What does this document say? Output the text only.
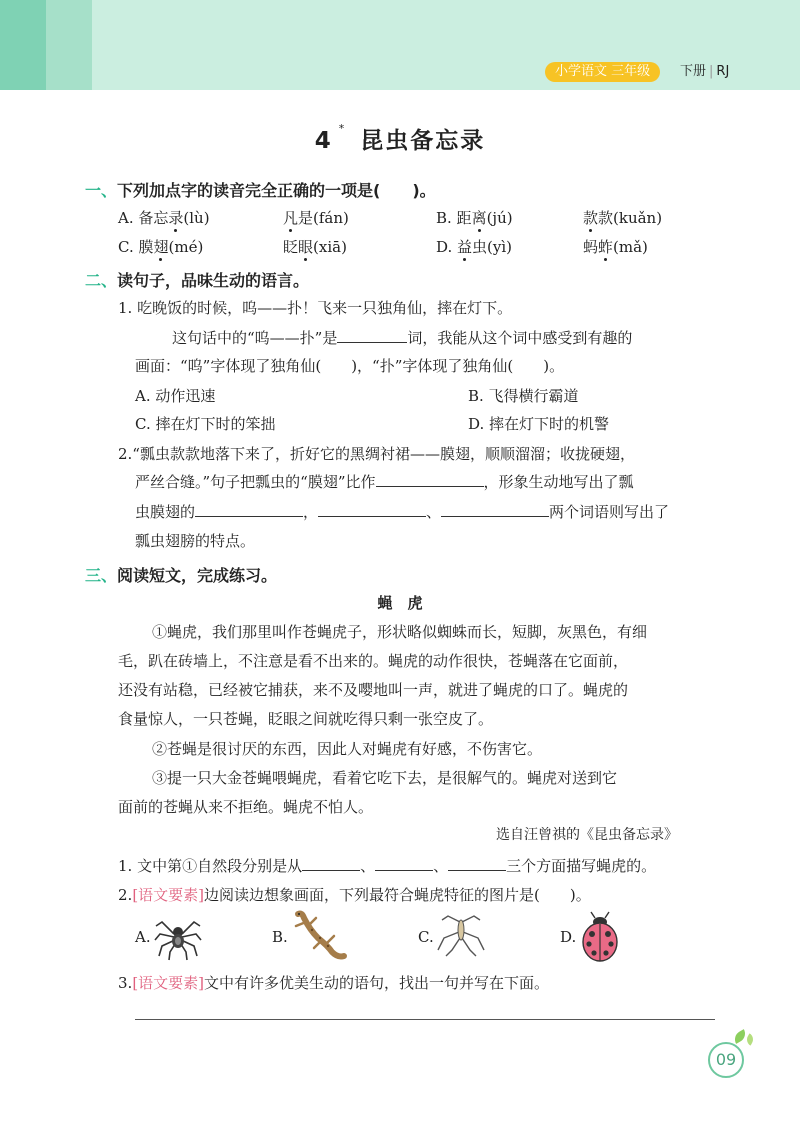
小学语文 三年级	下册 | RJ
4 * 昆虫备忘录
一、下列加点字的读音完全正确的一项是(　　)。
A. 备忘录(lù)	凡是(fán)	B. 距离(jú)	款款(kuǎn)
C. 膜翅(mé)	眨眼(xiā)	D. 益虫(yì)	蚂蚱(mǎ)
二、读句子，品味生动的语言。
1. 吃晚饭的时候，呜——扑！飞来一只独角仙，摔在灯下。
这句话中的“呜——扑”是	词，我能从这个词中感受到有趣的
画面：“呜”字体现了独角仙(　　)，“扑”字体现了独角仙(　　)。
A. 动作迅速	B. 飞得横行霸道
C. 摔在灯下时的笨拙	D. 摔在灯下时的机警
2.“瓢虫款款地落下来了，折好它的黑绸衬裙——膜翅，顺顺溜溜；收拢硬翅，
严丝合缝。”句子把瓢虫的“膜翅”比作	，形象生动地写出了瓢
虫膜翅的	，	、	两个词语则写出了
瓢虫翅膀的特点。
三、阅读短文，完成练习。
蝇　虎
①蝇虎，我们那里叫作苍蝇虎子，形状略似蜘蛛而长，短脚，灰黑色，有细
毛，趴在砖墙上，不注意是看不出来的。蝇虎的动作很快，苍蝇落在它面前，
还没有站稳，已经被它捕获，来不及嘤地叫一声，就进了蝇虎的口了。蝇虎的
食量惊人，一只苍蝇，眨眼之间就吃得只剩一张空皮了。
②苍蝇是很讨厌的东西，因此人对蝇虎有好感，不伤害它。
③提一只大金苍蝇喂蝇虎，看着它吃下去，是很解气的。蝇虎对送到它
面前的苍蝇从来不拒绝。蝇虎不怕人。
选自汪曾祺的《昆虫备忘录》
1. 文中第①自然段分别是从	、	、	三个方面描写蝇虎的。
2.[语文要素]边阅读边想象画面，下列最符合蝇虎特征的图片是(　　)。
A.	B.	C.	D.
3.[语文要素]文中有许多优美生动的语句，找出一句并写在下面。
09
